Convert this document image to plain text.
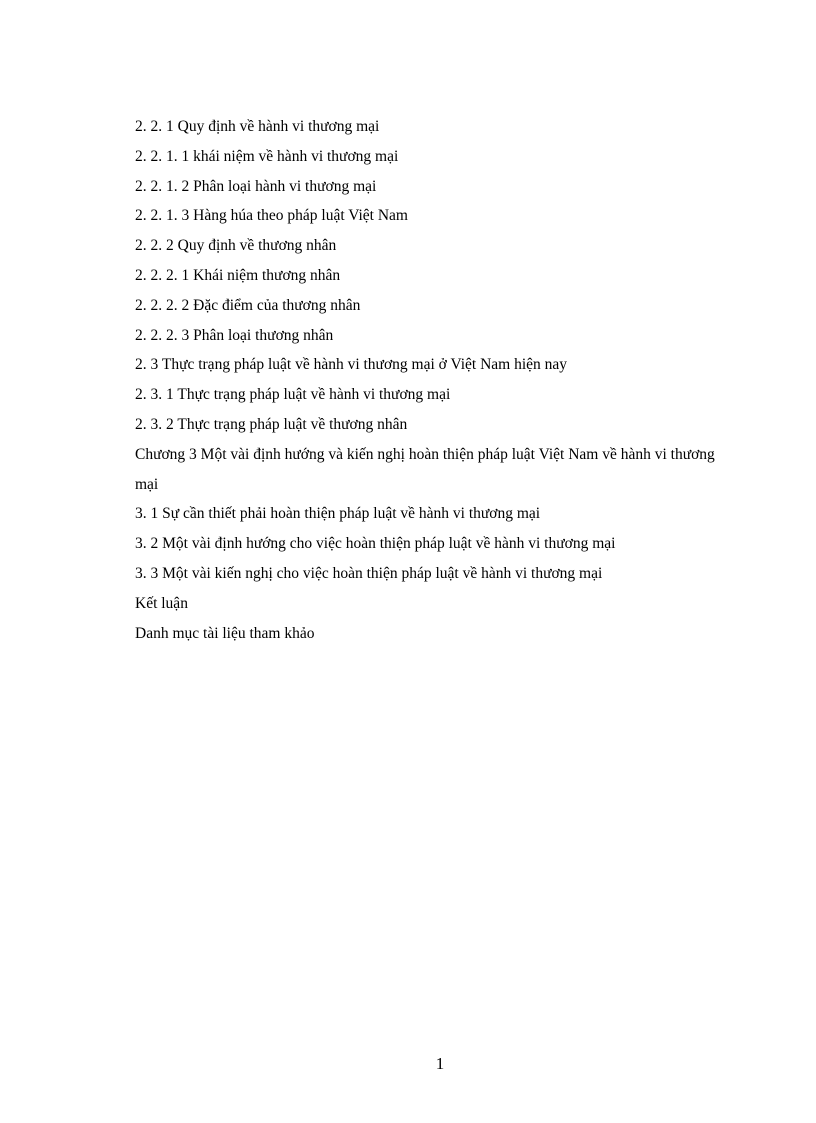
2. 2. 1 Quy định về hành vi thương mại
2. 2. 1. 1 khái niệm về hành vi thương mại
2. 2. 1. 2 Phân loại hành vi thương mại
2. 2. 1. 3 Hàng húa theo pháp luật Việt Nam
2. 2. 2 Quy định về thương nhân
2. 2. 2. 1 Khái niệm thương nhân
2. 2. 2. 2 Đặc điểm của thương nhân
2. 2. 2. 3 Phân loại thương nhân
2. 3 Thực trạng pháp luật về hành vi thương mại ở Việt Nam hiện nay
2. 3. 1 Thực trạng pháp luật về hành vi thương mại
2. 3. 2 Thực trạng pháp luật về thương nhân
Chương 3 Một vài định hướng và kiến nghị hoàn thiện pháp luật Việt Nam về hành vi thương mại
3. 1 Sự cần thiết phải hoàn thiện pháp luật về hành vi thương mại
3. 2 Một vài định hướng cho việc hoàn thiện pháp luật về hành vi thương mại
3. 3 Một vài kiến nghị cho việc hoàn thiện pháp luật về hành vi thương mại
Kết luận
Danh mục tài liệu tham khảo
1
